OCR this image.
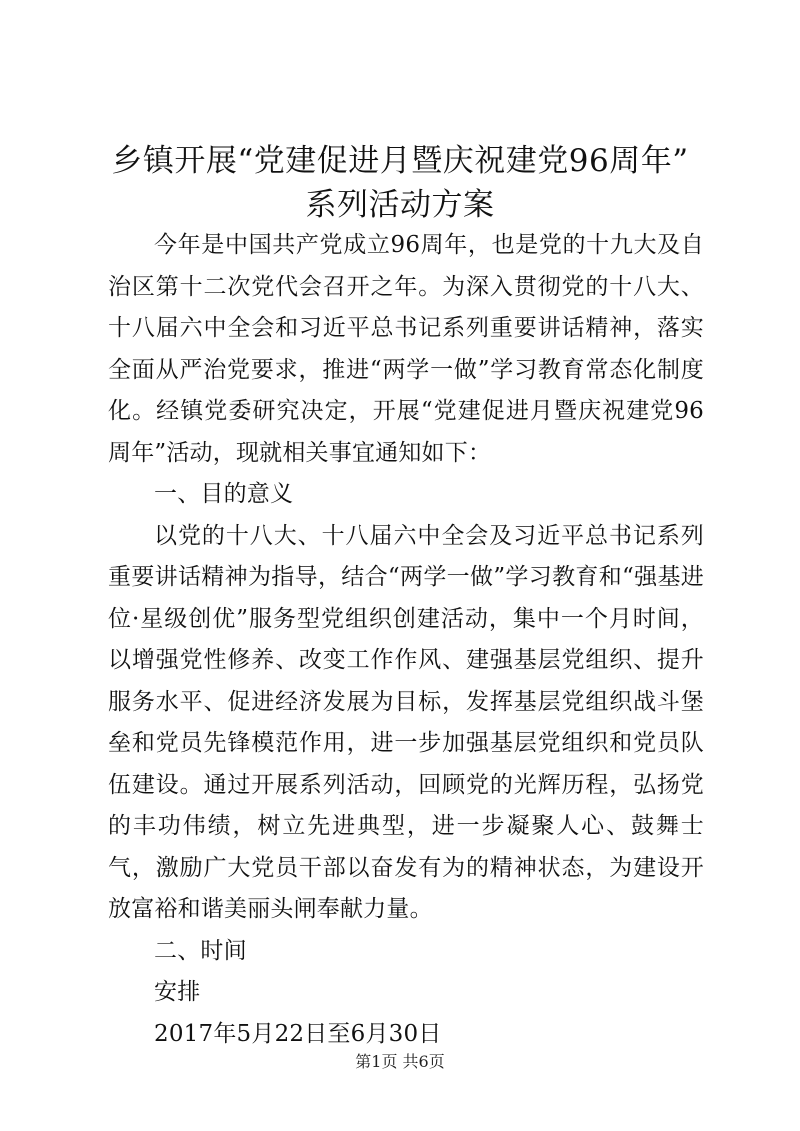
乡镇开展“党建促进月暨庆祝建党96周年”
系列活动方案

今年是中国共产党成立96周年，也是党的十九大及自治区第十二次党代会召开之年。为深入贯彻党的十八大、十八届六中全会和习近平总书记系列重要讲话精神，落实全面从严治党要求，推进“两学一做”学习教育常态化制度化。经镇党委研究决定，开展“党建促进月暨庆祝建党96周年”活动，现就相关事宜通知如下：

一、目的意义

以党的十八大、十八届六中全会及习近平总书记系列重要讲话精神为指导，结合“两学一做”学习教育和“强基进位·星级创优”服务型党组织创建活动，集中一个月时间，以增强党性修养、改变工作作风、建强基层党组织、提升服务水平、促进经济发展为目标，发挥基层党组织战斗堡垒和党员先锋模范作用，进一步加强基层党组织和党员队伍建设。通过开展系列活动，回顾党的光辉历程，弘扬党的丰功伟绩，树立先进典型，进一步凝聚人心、鼓舞士气，激励广大党员干部以奋发有为的精神状态，为建设开放富裕和谐美丽头闸奉献力量。

二、时间

安排

2017年5月22日至6月30日

第1页 共6页
